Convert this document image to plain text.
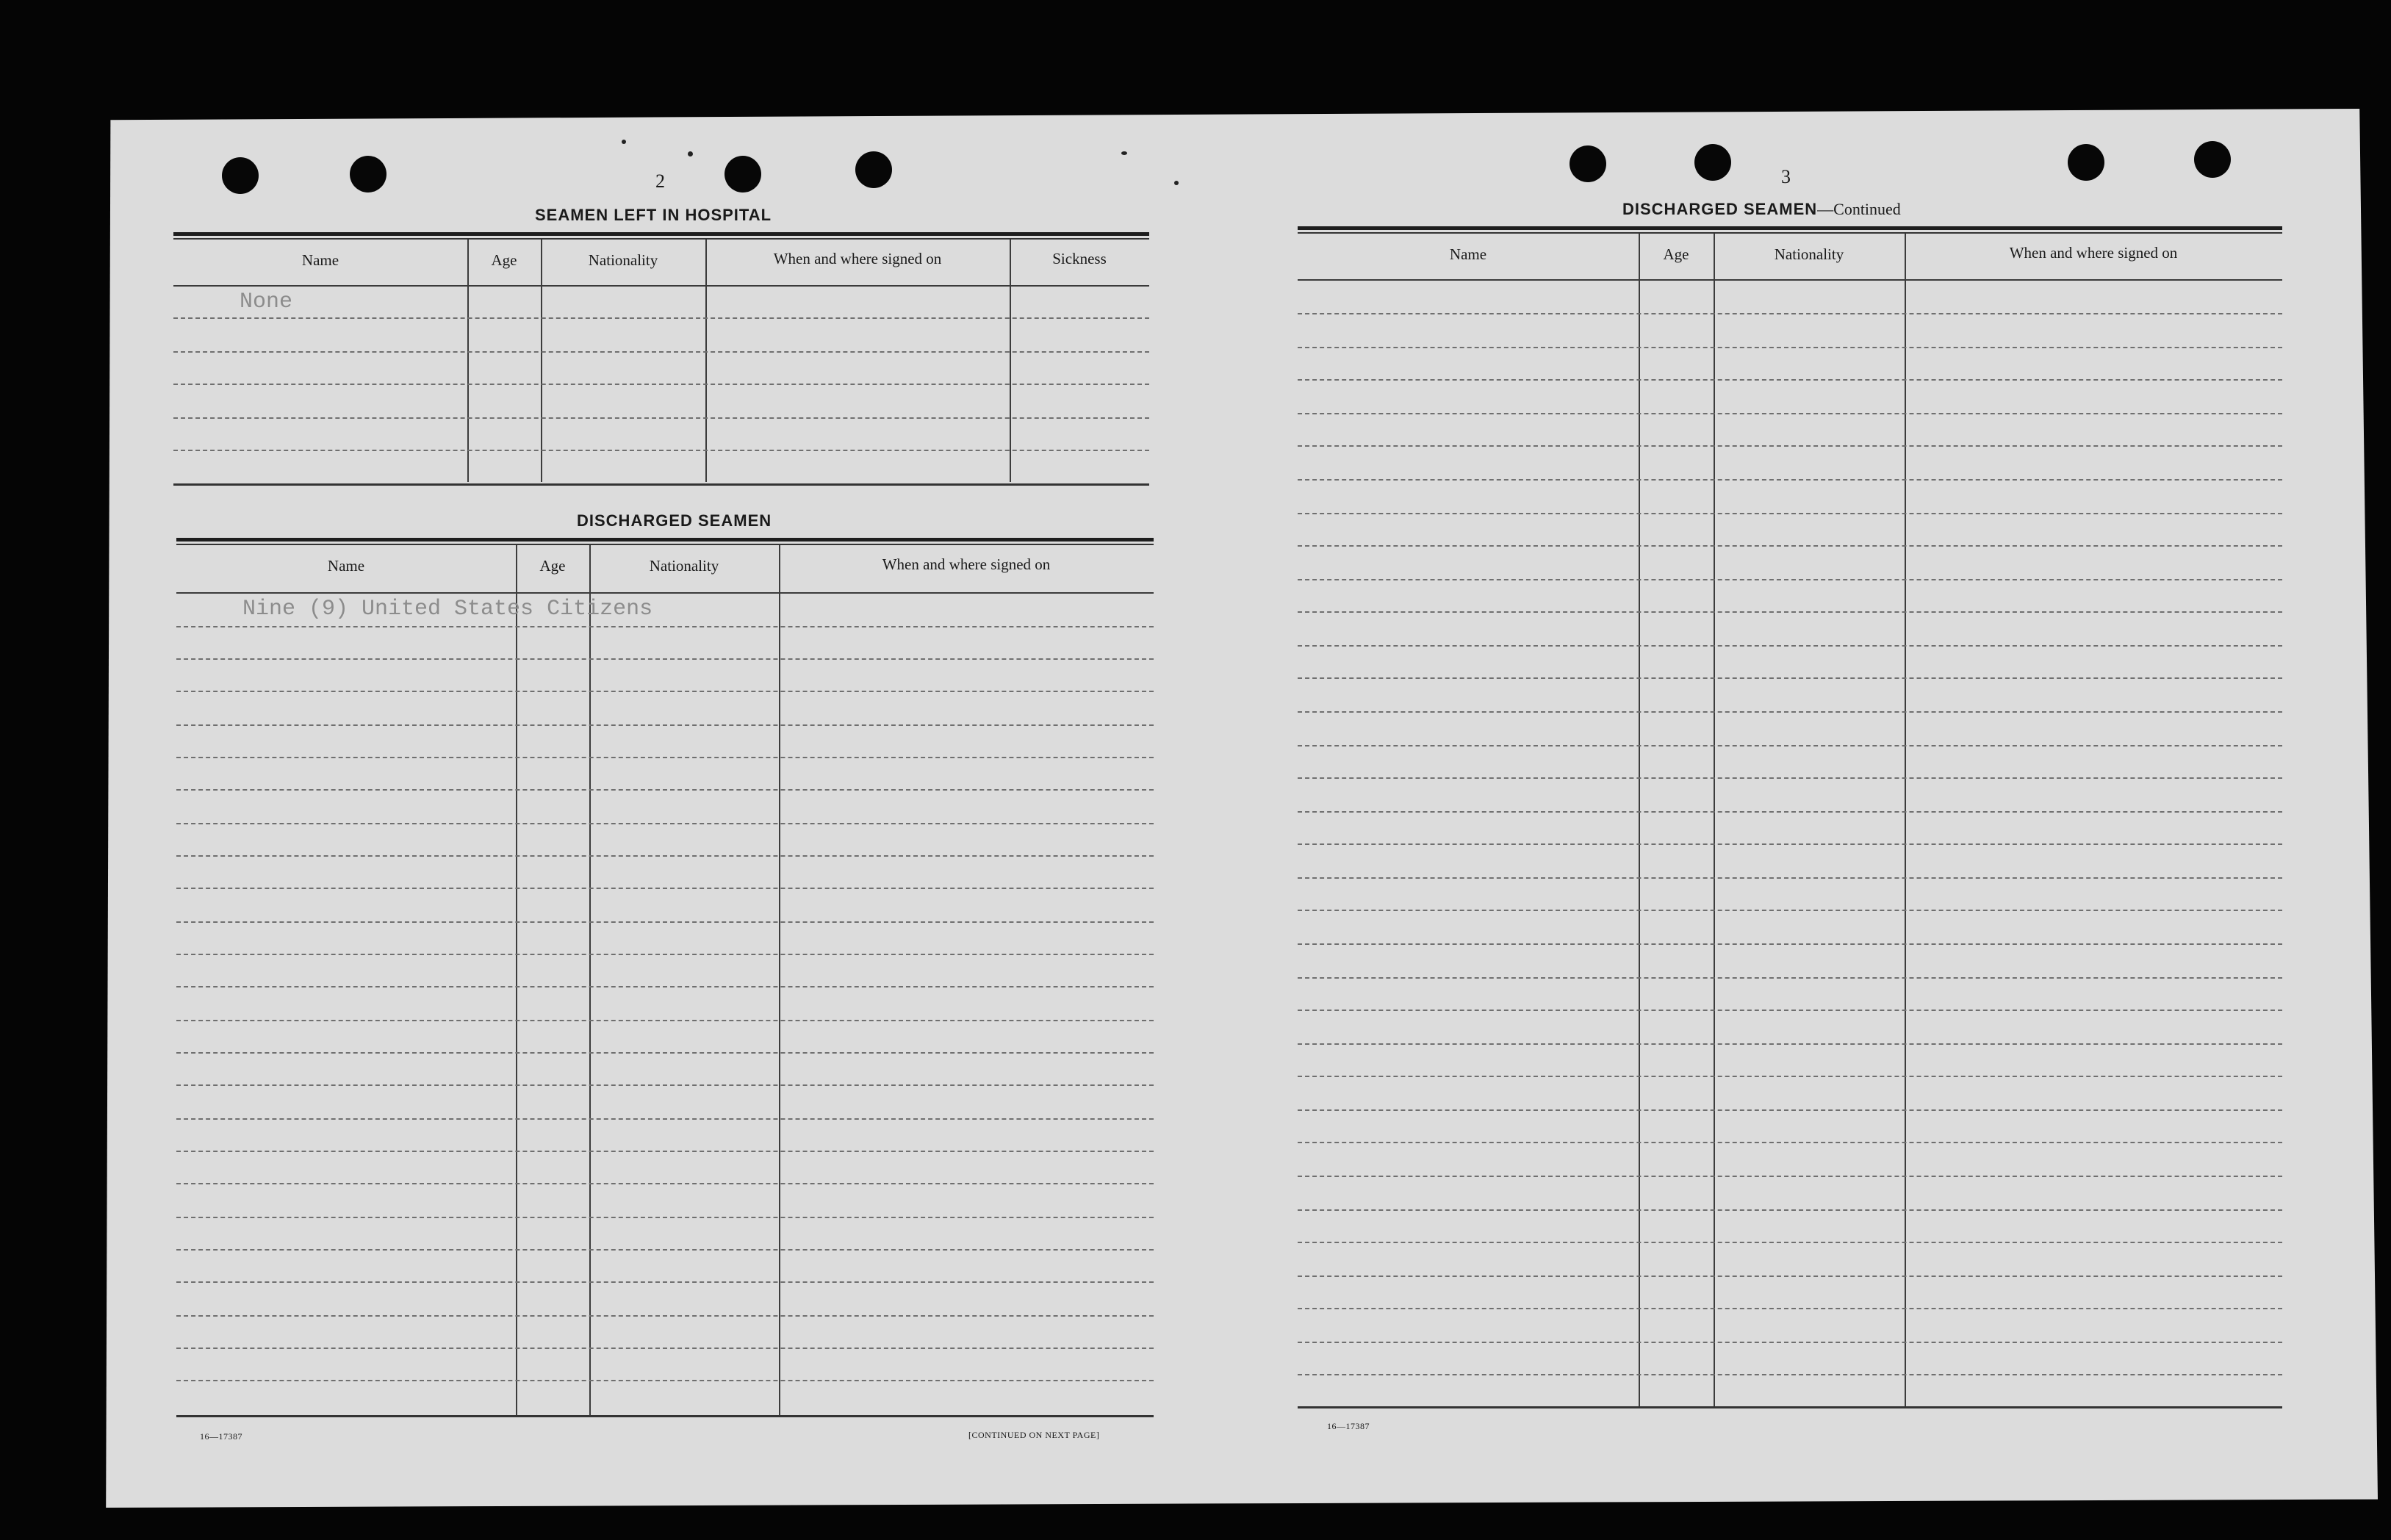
2
SEAMEN LEFT IN HOSPITAL
Name	Age	Nationality	When and where signed on	Sickness
None
DISCHARGED SEAMEN
Name	Age	Nationality	When and where signed on
Nine (9) United States Citizens
16—17387	[CONTINUED ON NEXT PAGE]
3
DISCHARGED SEAMEN—Continued
Name	Age	Nationality	When and where signed on
16—17387
